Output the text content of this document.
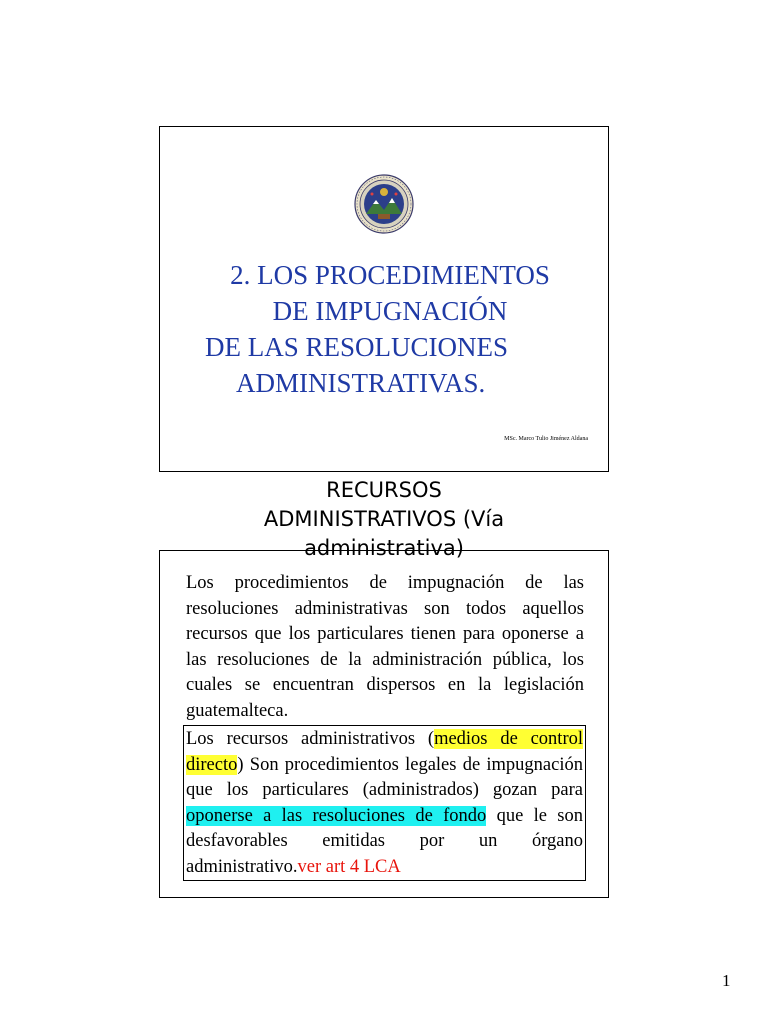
2. LOS PROCEDIMIENTOS
DE IMPUGNACIÓN
DE LAS RESOLUCIONES
ADMINISTRATIVAS.
MSc. Marco Tulio Jiménez Aldana
RECURSOS
ADMINISTRATIVOS (Vía
administrativa)
Los procedimientos de impugnación de las resoluciones administrativas son todos aquellos recursos que los particulares tienen para oponerse a las resoluciones de la administración pública, los cuales se encuentran dispersos en la legislación guatemalteca.
Los recursos administrativos (medios de control directo) Son procedimientos legales de impugnación que los particulares (administrados) gozan para oponerse a las resoluciones de fondo que le son desfavorables emitidas por un órgano administrativo.ver art 4 LCA
1
